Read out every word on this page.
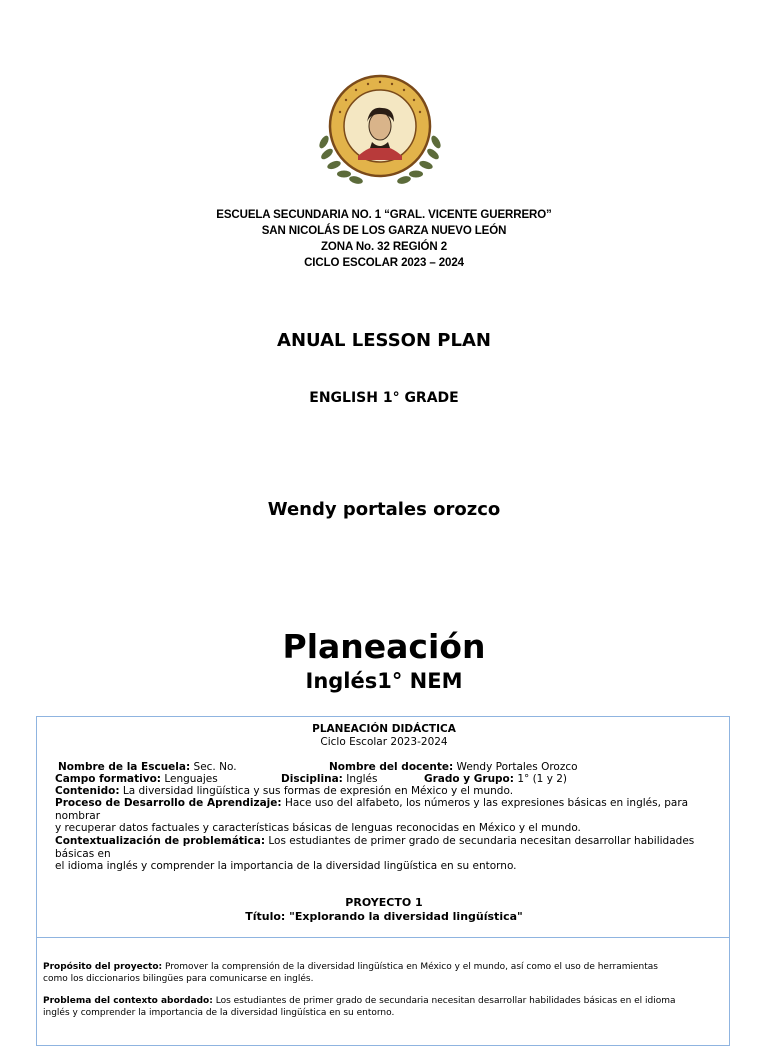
ESCUELA SECUNDARIA NO. 1 “GRAL. VICENTE GUERRERO”
SAN NICOLÁS DE LOS GARZA NUEVO LEÓN
ZONA No. 32 REGIÓN 2
CICLO ESCOLAR 2023 – 2024
ANUAL LESSON PLAN
ENGLISH 1° GRADE
Wendy portales orozco
Planeación
Inglés1° NEM
PLANEACIÓN DIDÁCTICA
Ciclo Escolar 2023-2024
Nombre de la Escuela: Sec. No.	Nombre del docente: Wendy Portales Orozco
Campo formativo: Lenguajes	Disciplina: Inglés	Grado y Grupo: 1° (1 y 2)
Contenido: La diversidad lingüística y sus formas de expresión en México y el mundo.
Proceso de Desarrollo de Aprendizaje: Hace uso del alfabeto, los números y las expresiones básicas en inglés, para nombrar
y recuperar datos factuales y características básicas de lenguas reconocidas en México y el mundo.
Contextualización de problemática: Los estudiantes de primer grado de secundaria necesitan desarrollar habilidades básicas en
el idioma inglés y comprender la importancia de la diversidad lingüística en su entorno.
PROYECTO 1
Título: "Explorando la diversidad lingüística"
Propósito del proyecto: Promover la comprensión de la diversidad lingüística en México y el mundo, así como el uso de herramientas
como los diccionarios bilingües para comunicarse en inglés.
Problema del contexto abordado: Los estudiantes de primer grado de secundaria necesitan desarrollar habilidades básicas en el idioma
inglés y comprender la importancia de la diversidad lingüística en su entorno.
